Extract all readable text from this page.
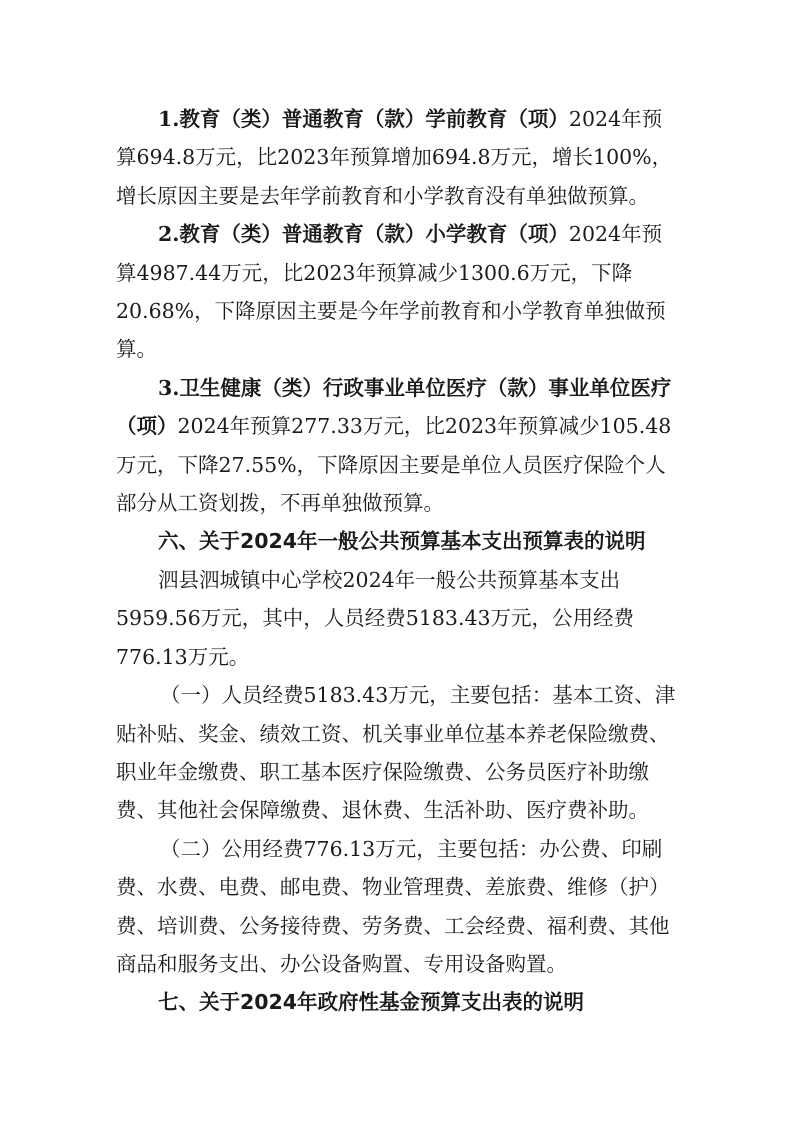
1.教育（类）普通教育（款）学前教育（项）2024年预算694.8万元，比2023年预算增加694.8万元，增长100%，增长原因主要是去年学前教育和小学教育没有单独做预算。

2.教育（类）普通教育（款）小学教育（项）2024年预算4987.44万元，比2023年预算减少1300.6万元，下降20.68%，下降原因主要是今年学前教育和小学教育单独做预算。

3.卫生健康（类）行政事业单位医疗（款）事业单位医疗（项）2024年预算277.33万元，比2023年预算减少105.48万元，下降27.55%，下降原因主要是单位人员医疗保险个人部分从工资划拨，不再单独做预算。

六、关于2024年一般公共预算基本支出预算表的说明

泗县泗城镇中心学校2024年一般公共预算基本支出5959.56万元，其中，人员经费5183.43万元，公用经费776.13万元。

（一）人员经费5183.43万元，主要包括：基本工资、津贴补贴、奖金、绩效工资、机关事业单位基本养老保险缴费、职业年金缴费、职工基本医疗保险缴费、公务员医疗补助缴费、其他社会保障缴费、退休费、生活补助、医疗费补助。

（二）公用经费776.13万元，主要包括：办公费、印刷费、水费、电费、邮电费、物业管理费、差旅费、维修（护）费、培训费、公务接待费、劳务费、工会经费、福利费、其他商品和服务支出、办公设备购置、专用设备购置。

七、关于2024年政府性基金预算支出表的说明
